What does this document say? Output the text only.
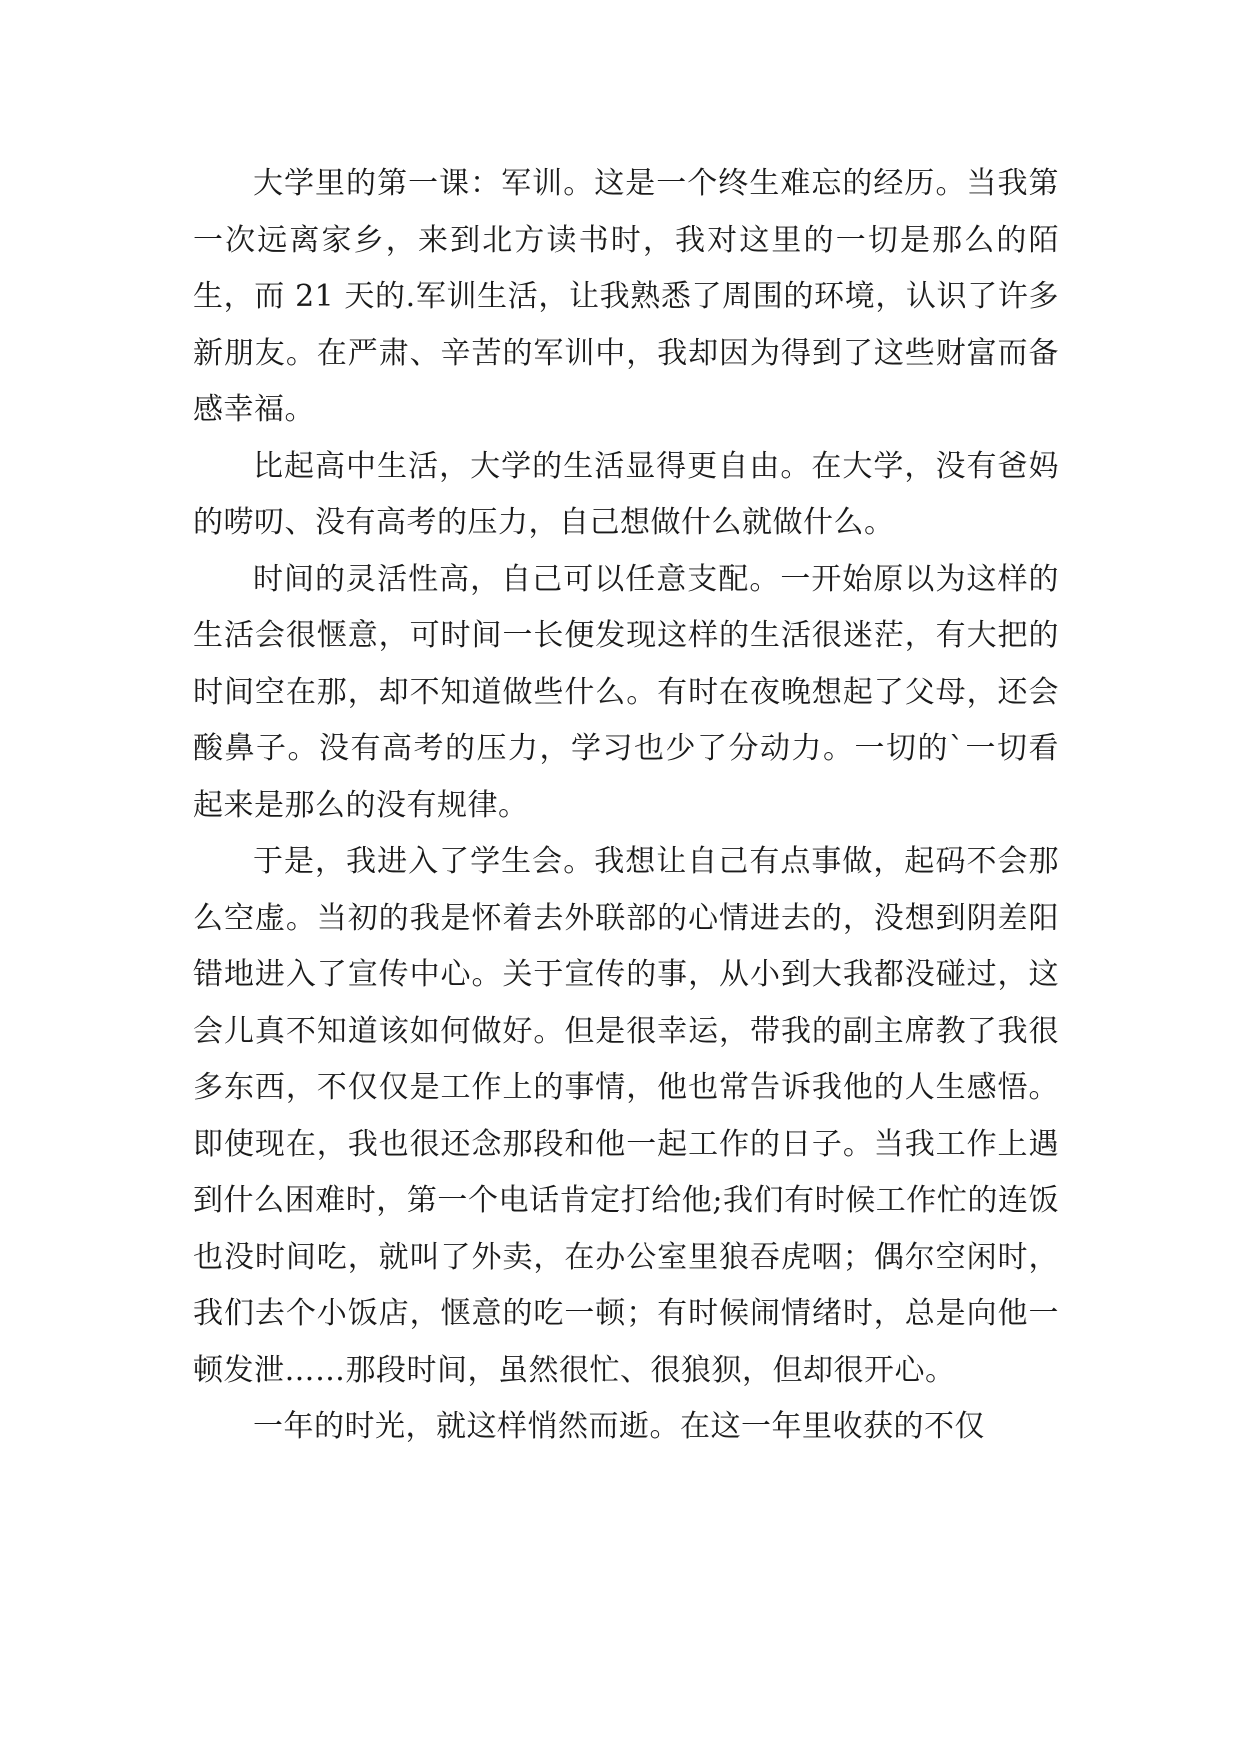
大学里的第一课：军训。这是一个终生难忘的经历。当我第一次远离家乡，来到北方读书时，我对这里的一切是那么的陌生，而 21 天的.军训生活，让我熟悉了周围的环境，认识了许多新朋友。在严肃、辛苦的军训中，我却因为得到了这些财富而备感幸福。

比起高中生活，大学的生活显得更自由。在大学，没有爸妈的唠叨、没有高考的压力，自己想做什么就做什么。

时间的灵活性高，自己可以任意支配。一开始原以为这样的生活会很惬意，可时间一长便发现这样的生活很迷茫，有大把的时间空在那，却不知道做些什么。有时在夜晚想起了父母，还会酸鼻子。没有高考的压力，学习也少了分动力。一切的`一切看起来是那么的没有规律。

于是，我进入了学生会。我想让自己有点事做，起码不会那么空虚。当初的我是怀着去外联部的心情进去的，没想到阴差阳错地进入了宣传中心。关于宣传的事，从小到大我都没碰过，这会儿真不知道该如何做好。但是很幸运，带我的副主席教了我很多东西，不仅仅是工作上的事情，他也常告诉我他的人生感悟。即使现在，我也很还念那段和他一起工作的日子。当我工作上遇到什么困难时，第一个电话肯定打给他;我们有时候工作忙的连饭也没时间吃，就叫了外卖，在办公室里狼吞虎咽；偶尔空闲时，我们去个小饭店，惬意的吃一顿；有时候闹情绪时，总是向他一顿发泄……那段时间，虽然很忙、很狼狈，但却很开心。

一年的时光，就这样悄然而逝。在这一年里收获的不仅
